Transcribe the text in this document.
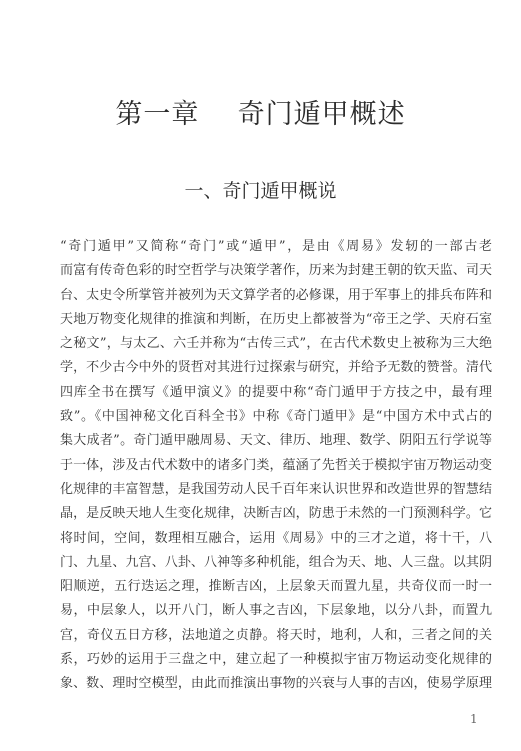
第一章    奇门遁甲概述
一、奇门遁甲概说
“奇门遁甲”又简称“奇门”或“遁甲”，是由《周易》发轫的一部古老
而富有传奇色彩的时空哲学与决策学著作，历来为封建王朝的钦天监、司天
台、太史令所掌管并被列为天文算学者的必修课，用于军事上的排兵布阵和
天地万物变化规律的推演和判断，在历史上都被誉为“帝王之学、天府石室
之秘文”，与太乙、六壬并称为“古传三式”，在古代术数史上被称为三大绝
学，不少古今中外的贤哲对其进行过探索与研究，并给予无数的赞誉。清代
四库全书在撰写《遁甲演义》的提要中称“奇门遁甲于方技之中，最有理
致”。《中国神秘文化百科全书》中称《奇门遁甲》是“中国方术中式占的
集大成者”。奇门遁甲融周易、天文、律历、地理、数学、阴阳五行学说等
于一体，涉及古代术数中的诸多门类，蕴涵了先哲关于模拟宇宙万物运动变
化规律的丰富智慧，是我国劳动人民千百年来认识世界和改造世界的智慧结
晶，是反映天地人生变化规律，决断吉凶，防患于未然的一门预测科学。它
将时间，空间，数理相互融合，运用《周易》中的三才之道，将十干，八
门、九星、九宫、八卦、八神等多种机能，组合为天、地、人三盘。以其阴
阳顺逆，五行迭运之理，推断吉凶，上层象天而置九星，共奇仪而一时一
易，中层象人，以开八门，断人事之吉凶，下层象地，以分八卦，而置九
宫，奇仪五日方移，法地道之贞静。将天时，地利，人和，三者之间的关
系，巧妙的运用于三盘之中，建立起了一种模拟宇宙万物运动变化规律的
象、数、理时空模型，由此而推演出事物的兴衰与人事的吉凶，使易学原理
1
